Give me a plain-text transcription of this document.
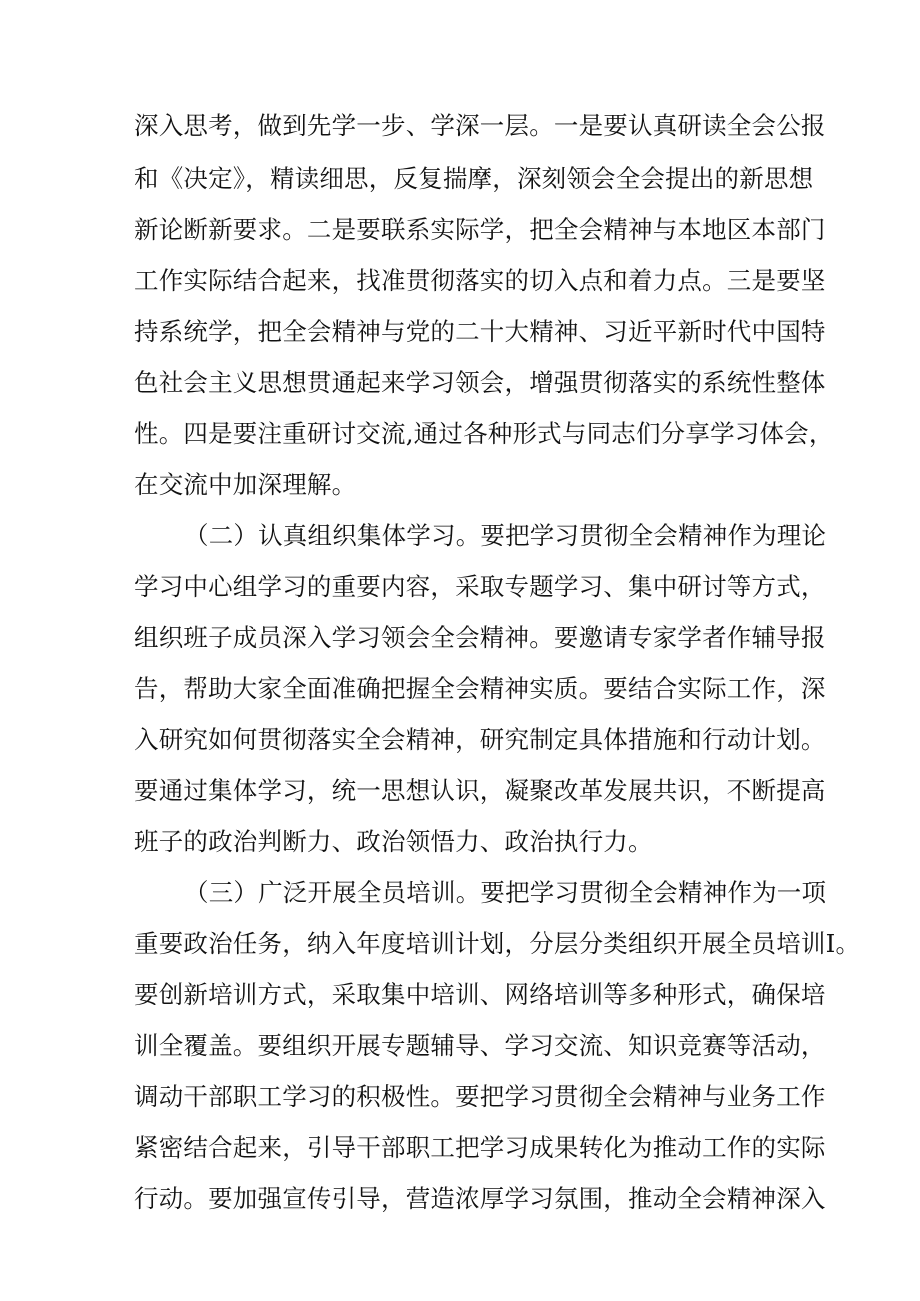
深入思考，做到先学一步、学深一层。一是要认真研读全会公报
和《决定》，精读细思，反复揣摩，深刻领会全会提出的新思想
新论断新要求。二是要联系实际学，把全会精神与本地区本部门
工作实际结合起来，找准贯彻落实的切入点和着力点。三是要坚
持系统学，把全会精神与党的二十大精神、习近平新时代中国特
色社会主义思想贯通起来学习领会，增强贯彻落实的系统性整体
性。四是要注重研讨交流,通过各种形式与同志们分享学习体会，
在交流中加深理解。
（二）认真组织集体学习。要把学习贯彻全会精神作为理论
学习中心组学习的重要内容，采取专题学习、集中研讨等方式，
组织班子成员深入学习领会全会精神。要邀请专家学者作辅导报
告，帮助大家全面准确把握全会精神实质。要结合实际工作，深
入研究如何贯彻落实全会精神，研究制定具体措施和行动计划。
要通过集体学习，统一思想认识，凝聚改革发展共识，不断提高
班子的政治判断力、政治领悟力、政治执行力。
（三）广泛开展全员培训。要把学习贯彻全会精神作为一项
重要政治任务，纳入年度培训计划，分层分类组织开展全员培训I。
要创新培训方式，采取集中培训、网络培训等多种形式，确保培
训全覆盖。要组织开展专题辅导、学习交流、知识竞赛等活动，
调动干部职工学习的积极性。要把学习贯彻全会精神与业务工作
紧密结合起来，引导干部职工把学习成果转化为推动工作的实际
行动。要加强宣传引导，营造浓厚学习氛围，推动全会精神深入
